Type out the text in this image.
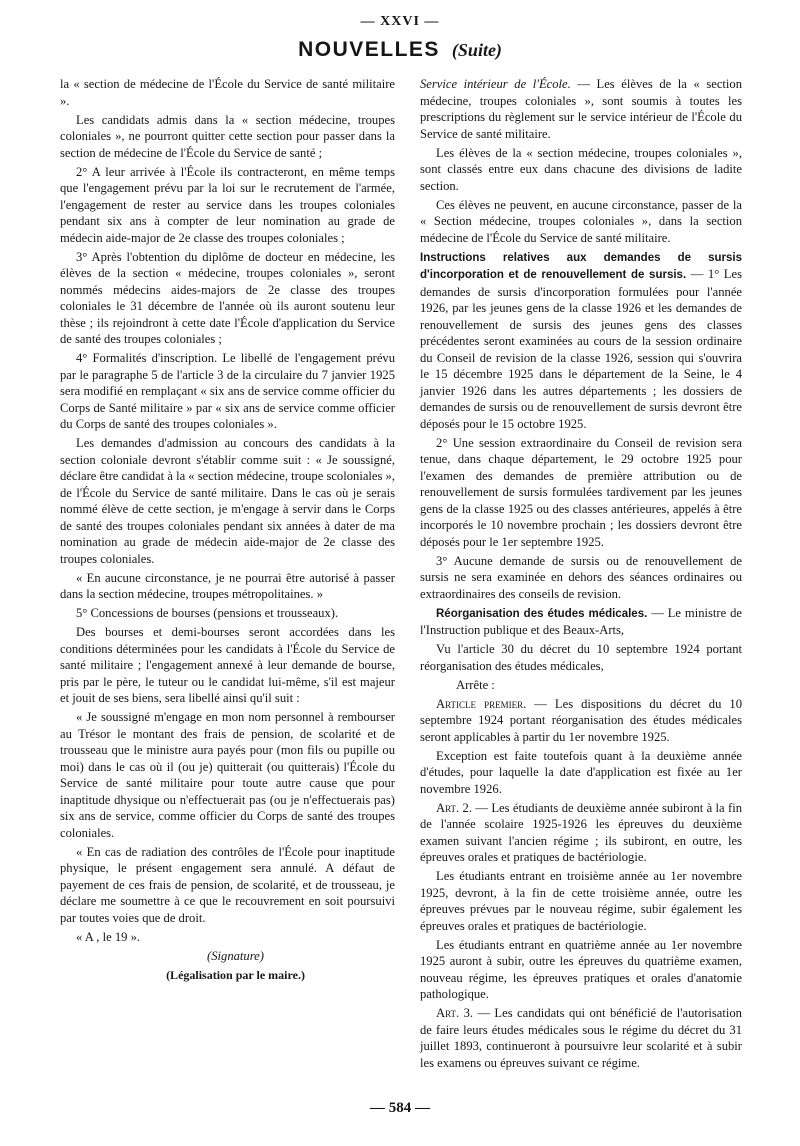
— XXVI —
NOUVELLES (Suite)

la « section de médecine de l'École du Service de santé militaire ».

Les candidats admis dans la « section médecine, troupes coloniales », ne pourront quitter cette section pour passer dans la section de médecine de l'École du Service de santé ;

2° A leur arrivée à l'École ils contracteront, en même temps que l'engagement prévu par la loi sur le recrutement de l'armée, l'engagement de rester au service dans les troupes coloniales pendant six ans à compter de leur nomination au grade de médecin aide-major de 2e classe des troupes coloniales ;

3° Après l'obtention du diplôme de docteur en médecine, les élèves de la section « médecine, troupes coloniales », seront nommés médecins aides-majors de 2e classe des troupes coloniales le 31 décembre de l'année où ils auront soutenu leur thèse ; ils rejoindront à cette date l'École d'application du Service de santé des troupes coloniales ;

4° Formalités d'inscription. Le libellé de l'engagement prévu par le paragraphe 5 de l'article 3 de la circulaire du 7 janvier 1925 sera modifié en remplaçant « six ans de service comme officier du Corps de Santé militaire » par « six ans de service comme officier du Corps de santé des troupes coloniales ».

Les demandes d'admission au concours des candidats à la section coloniale devront s'établir comme suit : « Je soussigné, déclare être candidat à la « section médecine, troupe scoloniales », de l'École du Service de santé militaire. Dans le cas où je serais nommé élève de cette section, je m'engage à servir dans le Corps de santé des troupes coloniales pendant six années à dater de ma nomination au grade de médecin aide-major de 2e classe des troupes coloniales.

« En aucune circonstance, je ne pourrai être autorisé à passer dans la section médecine, troupes métropolitaines. »

5° Concessions de bourses (pensions et trousseaux).

Des bourses et demi-bourses seront accordées dans les conditions déterminées pour les candidats à l'École du Service de santé militaire ; l'engagement annexé à leur demande de bourse, pris par le père, le tuteur ou le candidat lui-même, s'il est majeur et jouit de ses biens, sera libellé ainsi qu'il suit :

« Je soussigné m'engage en mon nom personnel à rembourser au Trésor le montant des frais de pension, de scolarité et de trousseau que le ministre aura payés pour (mon fils ou pupille ou moi) dans le cas où il (ou je) quitterait (ou quitterais) l'École du Service de santé militaire pour toute autre cause que pour inaptitude dhysique ou n'effectuerait pas (ou je n'effectuerais pas) six ans de service, comme officier du Corps de santé des troupes coloniales.

« En cas de radiation des contrôles de l'École pour inaptitude physique, le présent engagement sera annulé. A défaut de payement de ces frais de pension, de scolarité, et de trousseau, je déclare me soumettre à ce que le recouvrement en soit poursuivi par toutes voies que de droit.

« A , le 19 ».

(Signature)

(Légalisation par le maire.)

Service intérieur de l'École. — Les élèves de la « section médecine, troupes coloniales », sont soumis à toutes les prescriptions du règlement sur le service intérieur de l'École du Service de santé militaire.

Les élèves de la « section médecine, troupes coloniales », sont classés entre eux dans chacune des divisions de ladite section.

Ces élèves ne peuvent, en aucune circonstance, passer de la « Section médecine, troupes coloniales », dans la section médecine de l'École du Service de santé militaire.

Instructions relatives aux demandes de sursis d'incorporation et de renouvellement de sursis. — 1° Les demandes de sursis d'incorporation formulées pour l'année 1926, par les jeunes gens de la classe 1926 et les demandes de renouvellement de sursis des jeunes gens des classes précédentes seront examinées au cours de la session ordinaire du Conseil de revision de la classe 1926, session qui s'ouvrira le 15 décembre 1925 dans le département de la Seine, le 4 janvier 1926 dans les autres départements ; les dossiers de demandes de sursis ou de renouvellement de sursis devront être déposés pour le 15 octobre 1925.

2° Une session extraordinaire du Conseil de revision sera tenue, dans chaque département, le 29 octobre 1925 pour l'examen des demandes de première attribution ou de renouvellement de sursis formulées tardivement par les jeunes gens de la classe 1925 ou des classes antérieures, appelés à être incorporés le 10 novembre prochain ; les dossiers devront être déposés pour le 1er septembre 1925.

3° Aucune demande de sursis ou de renouvellement de sursis ne sera examinée en dehors des séances ordinaires ou extraordinaires des conseils de revision.

Réorganisation des études médicales. — Le ministre de l'Instruction publique et des Beaux-Arts,

Vu l'article 30 du décret du 10 septembre 1924 portant réorganisation des études médicales,

Arrête :

Article premier. — Les dispositions du décret du 10 septembre 1924 portant réorganisation des études médicales seront applicables à partir du 1er novembre 1925.

Exception est faite toutefois quant à la deuxième année d'études, pour laquelle la date d'application est fixée au 1er novembre 1926.

Art. 2. — Les étudiants de deuxième année subiront à la fin de l'année scolaire 1925-1926 les épreuves du deuxième examen suivant l'ancien régime ; ils subiront, en outre, les épreuves orales et pratiques de bactériologie.

Les étudiants entrant en troisième année au 1er novembre 1925, devront, à la fin de cette troisième année, outre les épreuves prévues par le nouveau régime, subir également les épreuves orales et pratiques de bactériologie.

Les étudiants entrant en quatrième année au 1er novembre 1925 auront à subir, outre les épreuves du quatrième examen, nouveau régime, les épreuves pratiques et orales d'anatomie pathologique.

Art. 3. — Les candidats qui ont bénéficié de l'autorisation de faire leurs études médicales sous le régime du décret du 31 juillet 1893, continueront à poursuivre leur scolarité et à subir les examens ou épreuves suivant ce régime.

— 584 —
